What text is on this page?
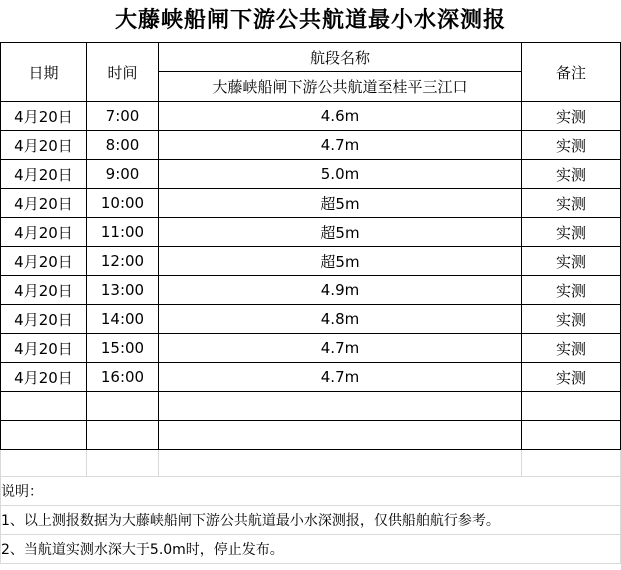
大藤峡船闸下游公共航道最小水深测报
日期	时间	航段名称	备注
		大藤峡船闸下游公共航道至桂平三江口	
4月20日	7:00	4.6m	实测
4月20日	8:00	4.7m	实测
4月20日	9:00	5.0m	实测
4月20日	10:00	超5m	实测
4月20日	11:00	超5m	实测
4月20日	12:00	超5m	实测
4月20日	13:00	4.9m	实测
4月20日	14:00	4.8m	实测
4月20日	15:00	4.7m	实测
4月20日	16:00	4.7m	实测

说明：			
1、以上测报数据为大藤峡船闸下游公共航道最小水深测报，仅供船舶航行参考。			
2、当航道实测水深大于5.0m时，停止发布。			
